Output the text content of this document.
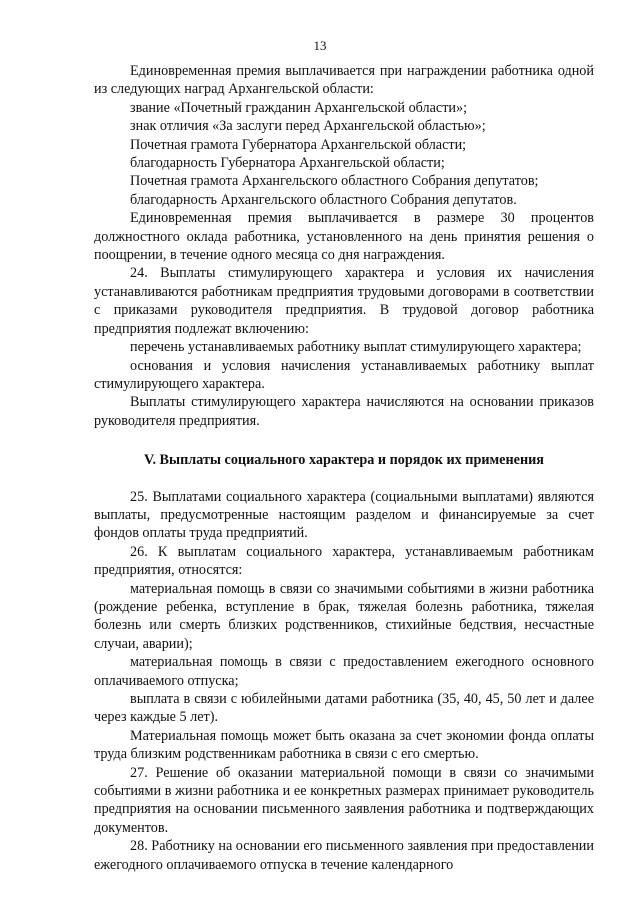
13

Единовременная премия выплачивается при награждении работника одной из следующих наград Архангельской области:

звание «Почетный гражданин Архангельской области»;

знак отличия «За заслуги перед Архангельской областью»;

Почетная грамота Губернатора Архангельской области;

благодарность Губернатора Архангельской области;

Почетная грамота Архангельского областного Собрания депутатов;

благодарность Архангельского областного Собрания депутатов.

Единовременная премия выплачивается в размере 30 процентов должностного оклада работника, установленного на день принятия решения о поощрении, в течение одного месяца со дня награждения.

24. Выплаты стимулирующего характера и условия их начисления устанавливаются работникам предприятия трудовыми договорами в соответствии с приказами руководителя предприятия. В трудовой договор работника предприятия подлежат включению:

перечень устанавливаемых работнику выплат стимулирующего характера;

основания и условия начисления устанавливаемых работнику выплат стимулирующего характера.

Выплаты стимулирующего характера начисляются на основании приказов руководителя предприятия.

V. Выплаты социального характера и порядок их применения

25. Выплатами социального характера (социальными выплатами) являются выплаты, предусмотренные настоящим разделом и финансируемые за счет фондов оплаты труда предприятий.

26. К выплатам социального характера, устанавливаемым работникам предприятия, относятся:

материальная помощь в связи со значимыми событиями в жизни работника (рождение ребенка, вступление в брак, тяжелая болезнь работника, тяжелая болезнь или смерть близких родственников, стихийные бедствия, несчастные случаи, аварии);

материальная помощь в связи с предоставлением ежегодного основного оплачиваемого отпуска;

выплата в связи с юбилейными датами работника (35, 40, 45, 50 лет и далее через каждые 5 лет).

Материальная помощь может быть оказана за счет экономии фонда оплаты труда близким родственникам работника в связи с его смертью.

27. Решение об оказании материальной помощи в связи со значимыми событиями в жизни работника и ее конкретных размерах принимает руководитель предприятия на основании письменного заявления работника и подтверждающих документов.

28. Работнику на основании его письменного заявления при предоставлении ежегодного оплачиваемого отпуска в течение календарного
